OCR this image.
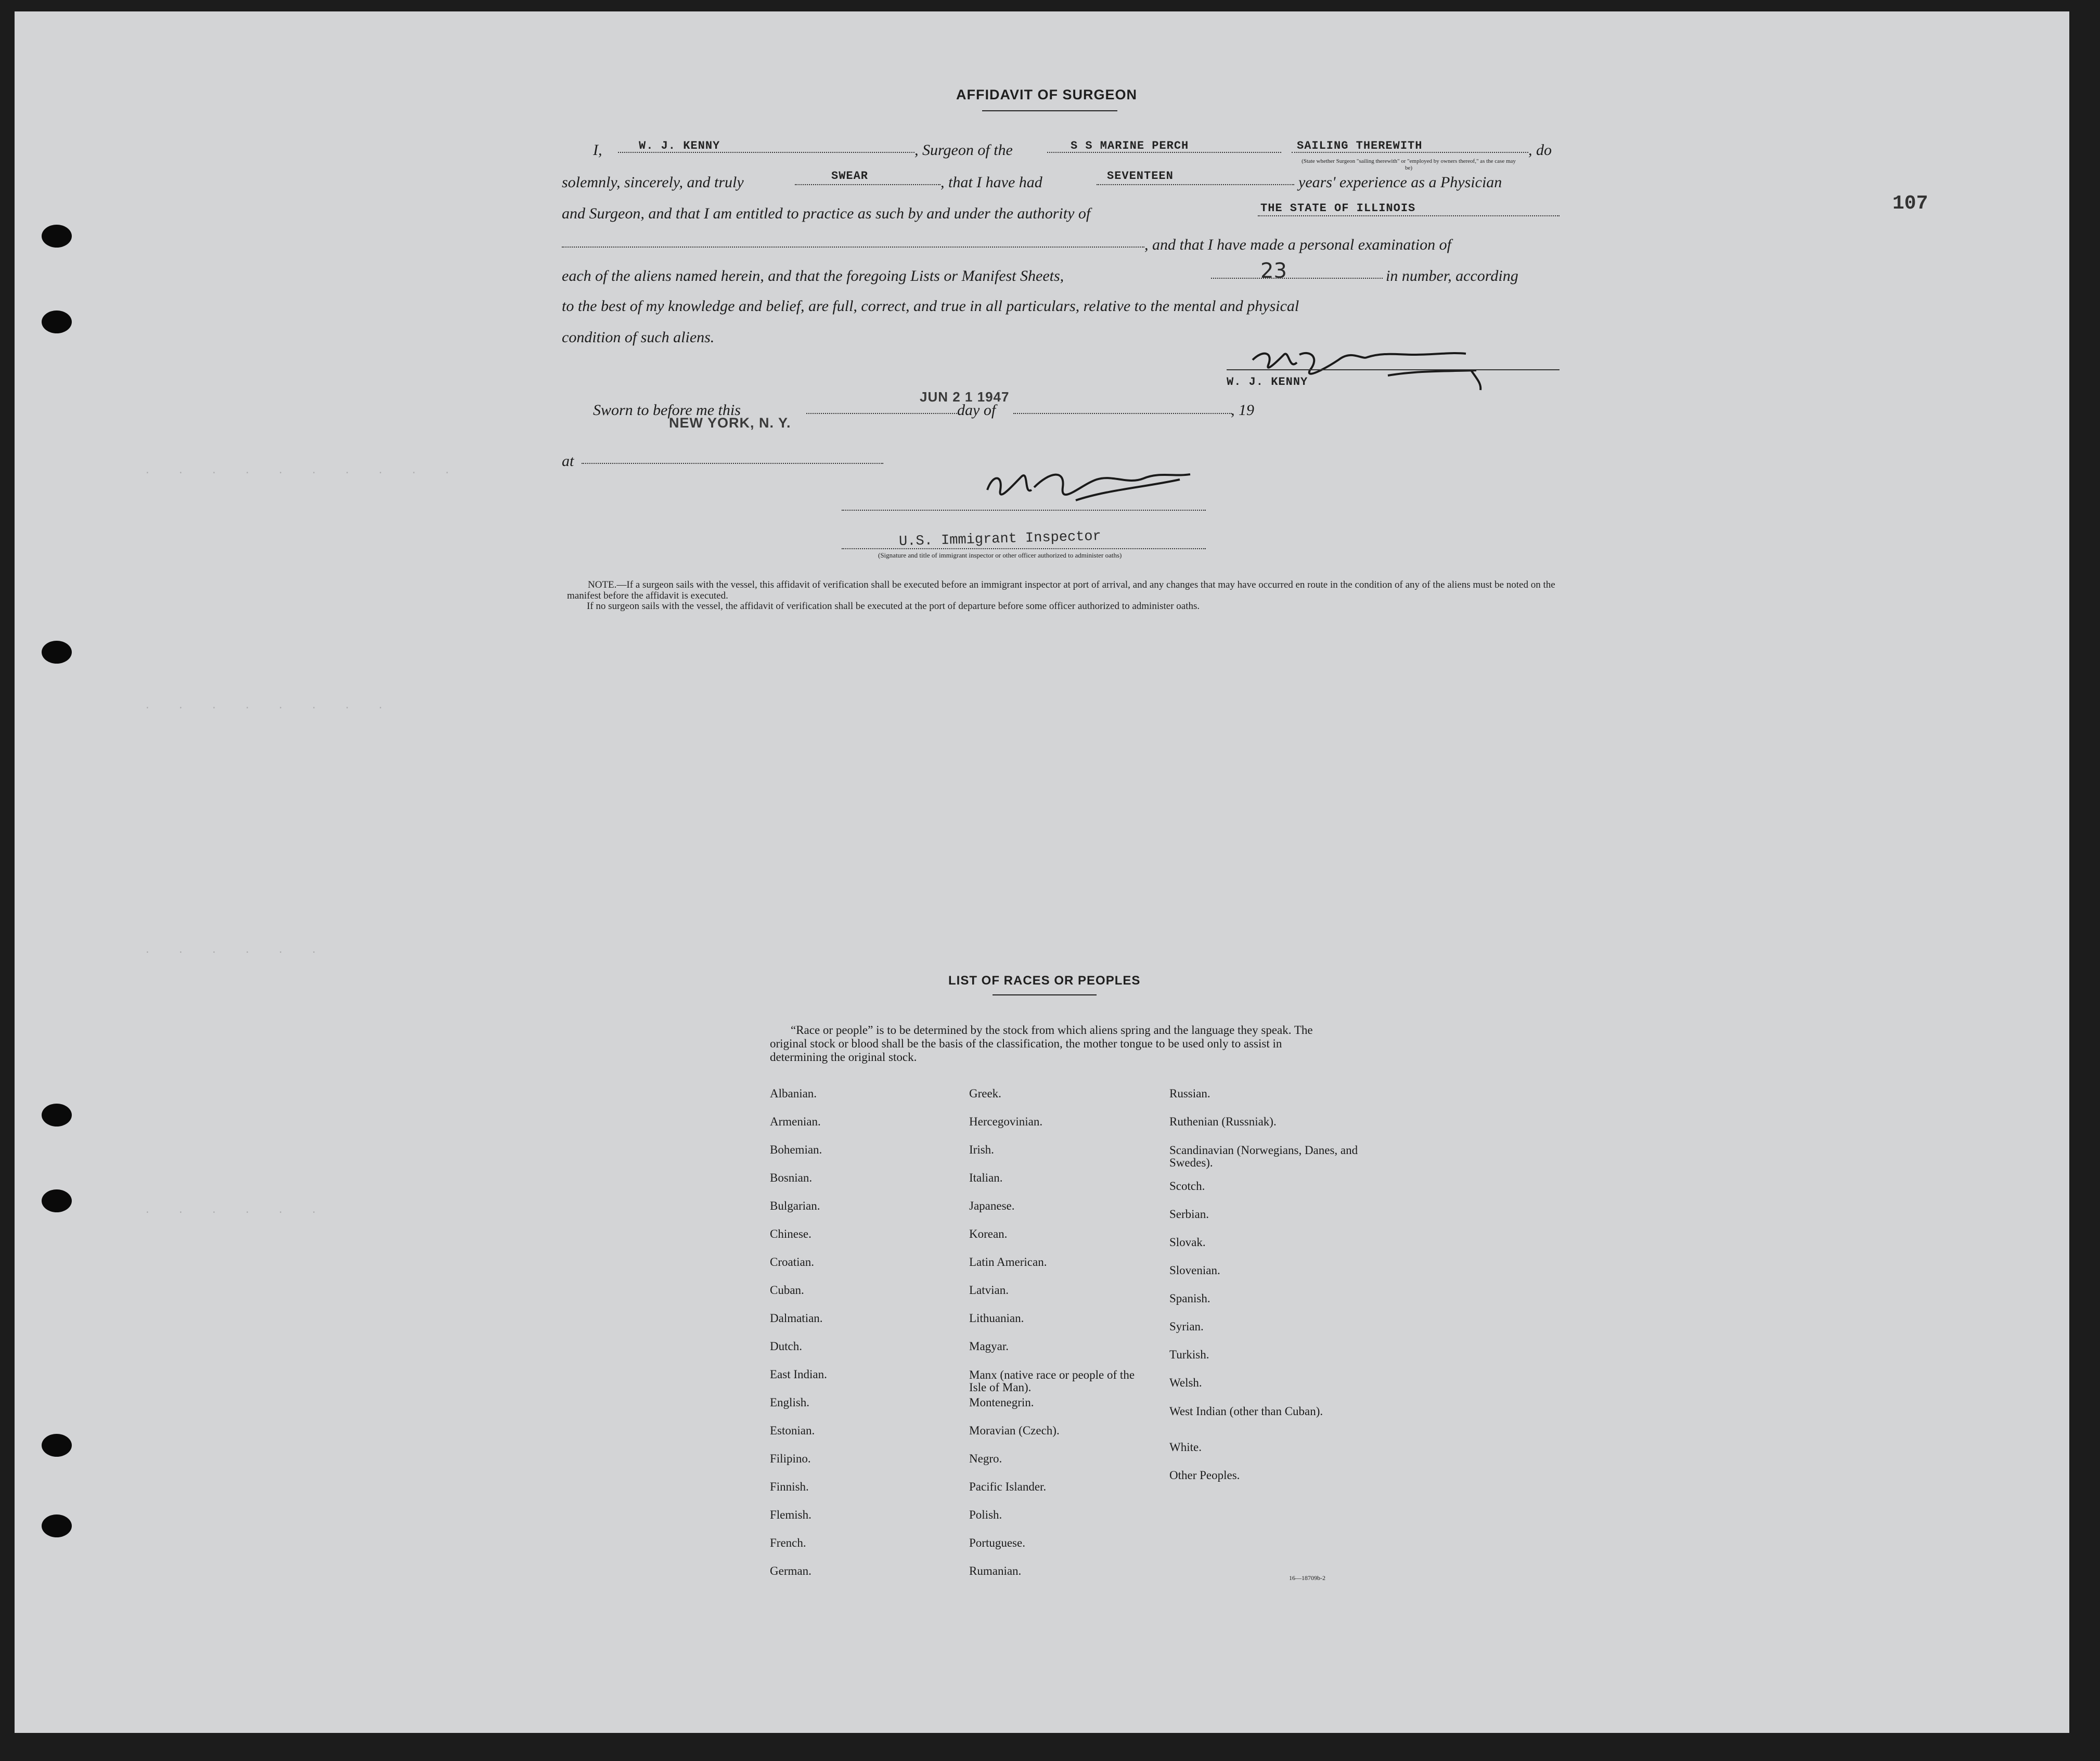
·    ·    ·    ·    ·    ·    ·    ·    ·    ·
·    ·    ·    ·    ·    ·    ·    ·
·    ·    ·    ·    ·    ·
·    ·    ·    ·    ·    ·
107
AFFIDAVIT OF SURGEON
I,	W. J. KENNY	, Surgeon of the	S S MARINE PERCH	SAILING THEREWITH	, do
(State whether Surgeon "sailing therewith" or "employed by owners thereof," as the case may be)
solemnly, sincerely, and truly	SWEAR	, that I have had	SEVENTEEN	years' experience as a Physician
and Surgeon, and that I am entitled to practice as such by and under the authority of	THE STATE OF ILLINOIS
, and that I have made a personal examination of
each of the aliens named herein, and that the foregoing Lists or Manifest Sheets,	23	in number, according
to the best of my knowledge and belief, are full, correct, and true in all particulars, relative to the mental and physical
condition of such aliens.
W. J. KENNY
Sworn to before me this
JUN 2 1 1947
day of	, 19
NEW YORK, N. Y.
at
U.S. Immigrant Inspector
(Signature and title of immigrant inspector or other officer authorized to administer oaths)
NOTE.—If a surgeon sails with the vessel, this affidavit of verification shall be executed before an immigrant inspector at port of arrival, and any changes that may have occurred en route in the condition of any of the aliens must be noted on the manifest before the affidavit is executed.
If no surgeon sails with the vessel, the affidavit of verification shall be executed at the port of departure before some officer authorized to administer oaths.
LIST OF RACES OR PEOPLES
“Race or people” is to be determined by the stock from which aliens spring and the language they speak. The original stock or blood shall be the basis of the classification, the mother tongue to be used only to assist in determining the original stock.
Albanian.
Armenian.
Bohemian.
Bosnian.
Bulgarian.
Chinese.
Croatian.
Cuban.
Dalmatian.
Dutch.
East Indian.
English.
Estonian.
Filipino.
Finnish.
Flemish.
French.
German.
Greek.
Hercegovinian.
Irish.
Italian.
Japanese.
Korean.
Latin American.
Latvian.
Lithuanian.
Magyar.
Manx (native race or people of the Isle of Man).
Montenegrin.
Moravian (Czech).
Negro.
Pacific Islander.
Polish.
Portuguese.
Rumanian.
Russian.
Ruthenian (Russniak).
Scandinavian (Norwegians, Danes, and Swedes).
Scotch.
Serbian.
Slovak.
Slovenian.
Spanish.
Syrian.
Turkish.
Welsh.
West Indian (other than Cuban).
White.
Other Peoples.
16—18709b-2
